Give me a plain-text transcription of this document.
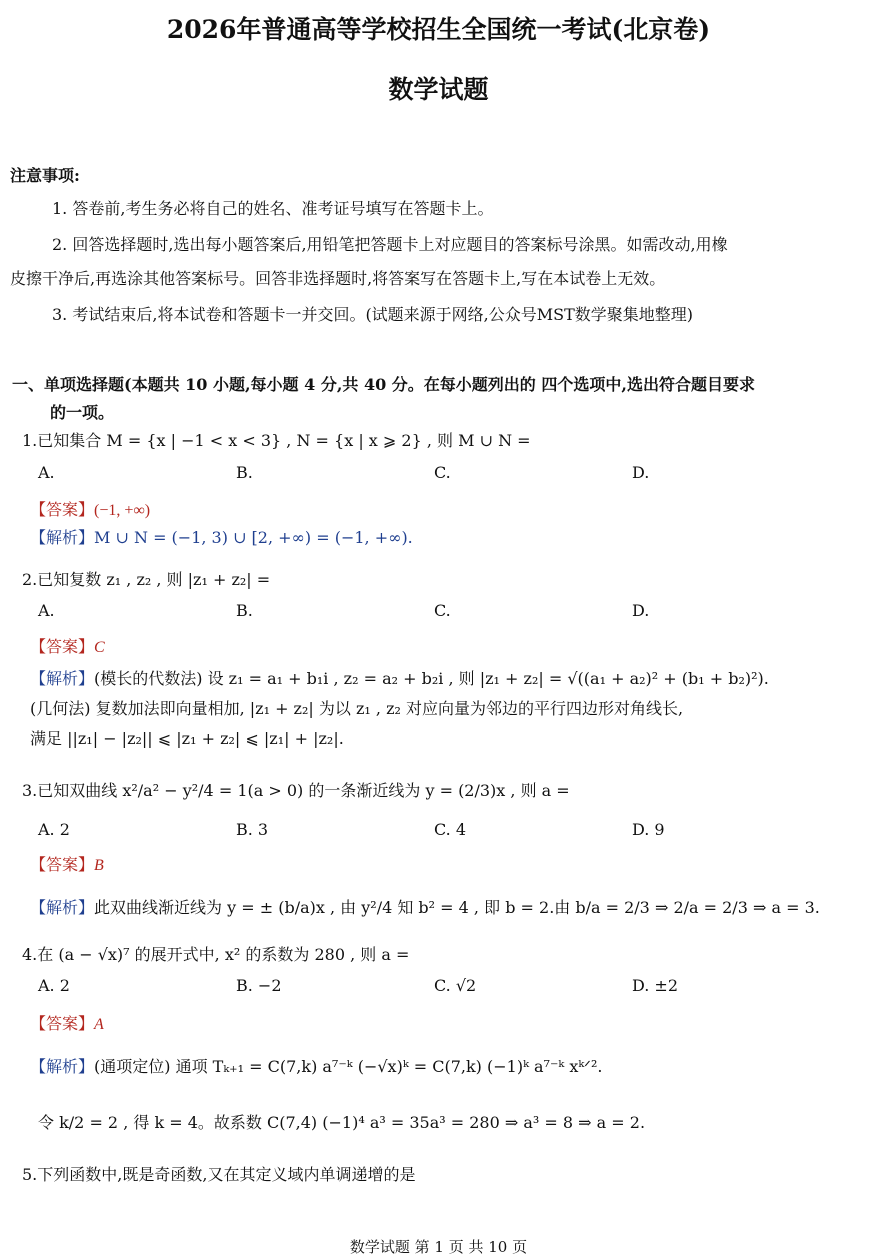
2026年普通高等学校招生全国统一考试(北京卷)
数学试题
注意事项:
1. 答卷前,考生务必将自己的姓名、准考证号填写在答题卡上。
2. 回答选择题时,选出每小题答案后,用铅笔把答题卡上对应题目的答案标号涂黑。如需改动,用橡
皮擦干净后,再选涂其他答案标号。回答非选择题时,将答案写在答题卡上,写在本试卷上无效。
3. 考试结束后,将本试卷和答题卡一并交回。(试题来源于网络,公众号MST数学聚集地整理)
一、单项选择题(本题共 10 小题,每小题 4 分,共 40 分。在每小题列出的 四个选项中,选出符合题目要求
的一项。
1.已知集合 M = {x | −1 < x < 3} , N = {x | x ⩾ 2} , 则 M ∪ N =
A.	B.	C.	D.
【答案】(−1, +∞)
【解析】M ∪ N = (−1, 3) ∪ [2, +∞) = (−1, +∞).
2.已知复数 z₁ , z₂ , 则 |z₁ + z₂| =
A.	B.	C.	D.
【答案】C
【解析】(模长的代数法) 设 z₁ = a₁ + b₁i , z₂ = a₂ + b₂i , 则 |z₁ + z₂| = √((a₁ + a₂)² + (b₁ + b₂)²).
(几何法) 复数加法即向量相加, |z₁ + z₂| 为以 z₁ , z₂ 对应向量为邻边的平行四边形对角线长,
满足 ||z₁| − |z₂|| ⩽ |z₁ + z₂| ⩽ |z₁| + |z₂|.
3.已知双曲线 x²/a² − y²/4 = 1(a > 0) 的一条渐近线为 y = (2/3)x , 则 a =
A. 2	B. 3	C. 4	D. 9
【答案】B
【解析】此双曲线渐近线为 y = ± (b/a)x , 由 y²/4 知 b² = 4 , 即 b = 2.由 b/a = 2/3 ⇒ 2/a = 2/3 ⇒ a = 3.
4.在 (a − √x)⁷ 的展开式中, x² 的系数为 280 , 则 a =
A. 2	B. −2	C. √2	D. ±2
【答案】A
【解析】(通项定位) 通项 Tₖ₊₁ = C(7,k) a⁷⁻ᵏ (−√x)ᵏ = C(7,k) (−1)ᵏ a⁷⁻ᵏ xᵏᐟ².
令 k/2 = 2 , 得 k = 4。故系数 C(7,4) (−1)⁴ a³ = 35a³ = 280 ⇒ a³ = 8 ⇒ a = 2.
5.下列函数中,既是奇函数,又在其定义域内单调递增的是
数学试题 第 1 页 共 10 页
